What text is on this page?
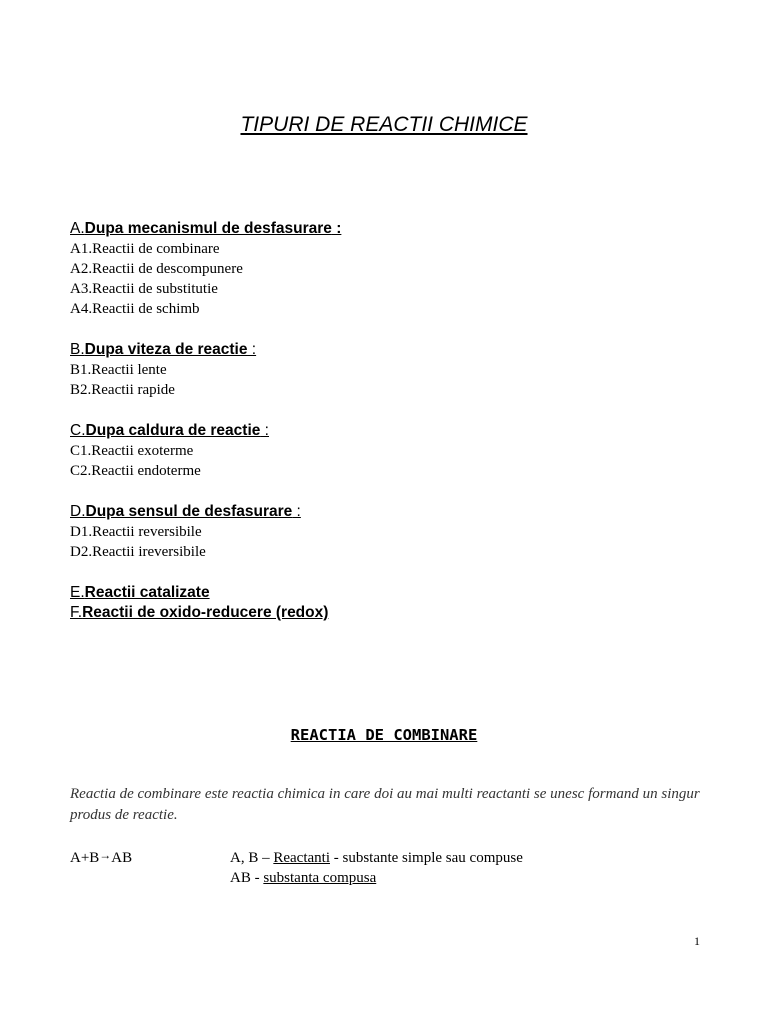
TIPURI DE REACTII CHIMICE
A.Dupa mecanismul de desfasurare :
A1.Reactii de combinare
A2.Reactii de descompunere
A3.Reactii de substitutie
A4.Reactii de schimb
B.Dupa viteza de reactie :
B1.Reactii lente
B2.Reactii rapide
C.Dupa caldura de reactie :
C1.Reactii exoterme
C2.Reactii endoterme
D.Dupa sensul de desfasurare :
D1.Reactii reversibile
D2.Reactii ireversibile
E.Reactii catalizate
F.Reactii de oxido-reducere (redox)
REACTIA DE COMBINARE
Reactia de combinare este reactia chimica in care doi au mai multi reactanti se unesc formand un singur produs de reactie.
A+B→AB	A, B – Reactanti - substante simple sau compuse
AB - substanta compusa
1
